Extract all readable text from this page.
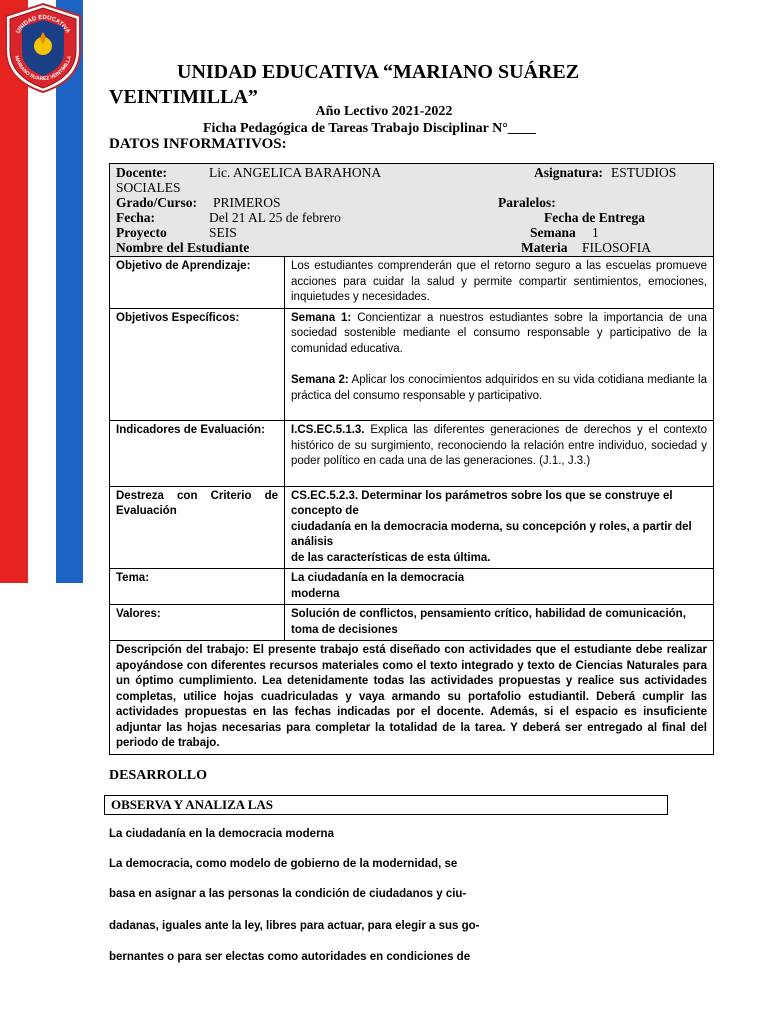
UNIDAD EDUCATIVA
MARIANO SUAREZ VEINTIMILLA
UNIDAD EDUCATIVA “MARIANO SUÁREZ
VEINTIMILLA”
Año Lectivo 2021-2022
Ficha Pedagógica de Tareas Trabajo Disciplinar N°____
DATOS INFORMATIVOS:
Docente:	Lic. ANGELICA BARAHONA	Asignatura: ESTUDIOS
SOCIALES
Grado/Curso: PRIMEROS	Paralelos:
Fecha:	Del 21 AL 25 de febrero	Fecha de Entrega
Proyecto	SEIS	Semana 1
Nombre del Estudiante	Materia FILOSOFIA
Objetivo de Aprendizaje:	Los estudiantes comprenderán que el retorno seguro a las escuelas promueve acciones para cuidar la salud y permite compartir sentimientos, emociones, inquietudes y necesidades.
Objetivos Específicos:	Semana 1: Concientizar a nuestros estudiantes sobre la importancia de una sociedad sostenible mediante el consumo responsable y participativo de la comunidad educativa.
Semana 2: Aplicar los conocimientos adquiridos en su vida cotidiana mediante la práctica del consumo responsable y participativo.

Indicadores de Evaluación:	I.CS.EC.5.1.3. Explica las diferentes generaciones de derechos y el contexto histórico de su surgimiento, reconociendo la relación entre individuo, sociedad y poder político en cada una de las generaciones. (J.1., J.3.)
Destreza con Criterio de Evaluación	CS.EC.5.2.3. Determinar los parámetros sobre los que se construye el concepto de
ciudadanía en la democracia moderna, su concepción y roles, a partir del análisis
de las características de esta última.

Tema:	La ciudadanía en la democracia
moderna

Valores:	Solución de conflictos, pensamiento crítico, habilidad de comunicación, toma de decisiones
Descripción del trabajo: El presente trabajo está diseñado con actividades que el estudiante debe realizar apoyándose con diferentes recursos materiales como el texto integrado y texto de Ciencias Naturales para un óptimo cumplimiento. Lea detenidamente todas las actividades propuestas y realice sus actividades completas, utilice hojas cuadriculadas y vaya armando su portafolio estudiantil. Deberá cumplir las actividades propuestas en las fechas indicadas por el docente. Además, si el espacio es insuficiente adjuntar las hojas necesarias para completar la totalidad de la tarea. Y deberá ser entregado al final del periodo de trabajo.	
DESARROLLO
OBSERVA Y ANALIZA LAS
La ciudadanía en la democracia moderna
La democracia, como modelo de gobierno de la modernidad, se
basa en asignar a las personas la condición de ciudadanos y ciu-
dadanas, iguales ante la ley, libres para actuar, para elegir a sus go-
bernantes o para ser electas como autoridades en condiciones de
